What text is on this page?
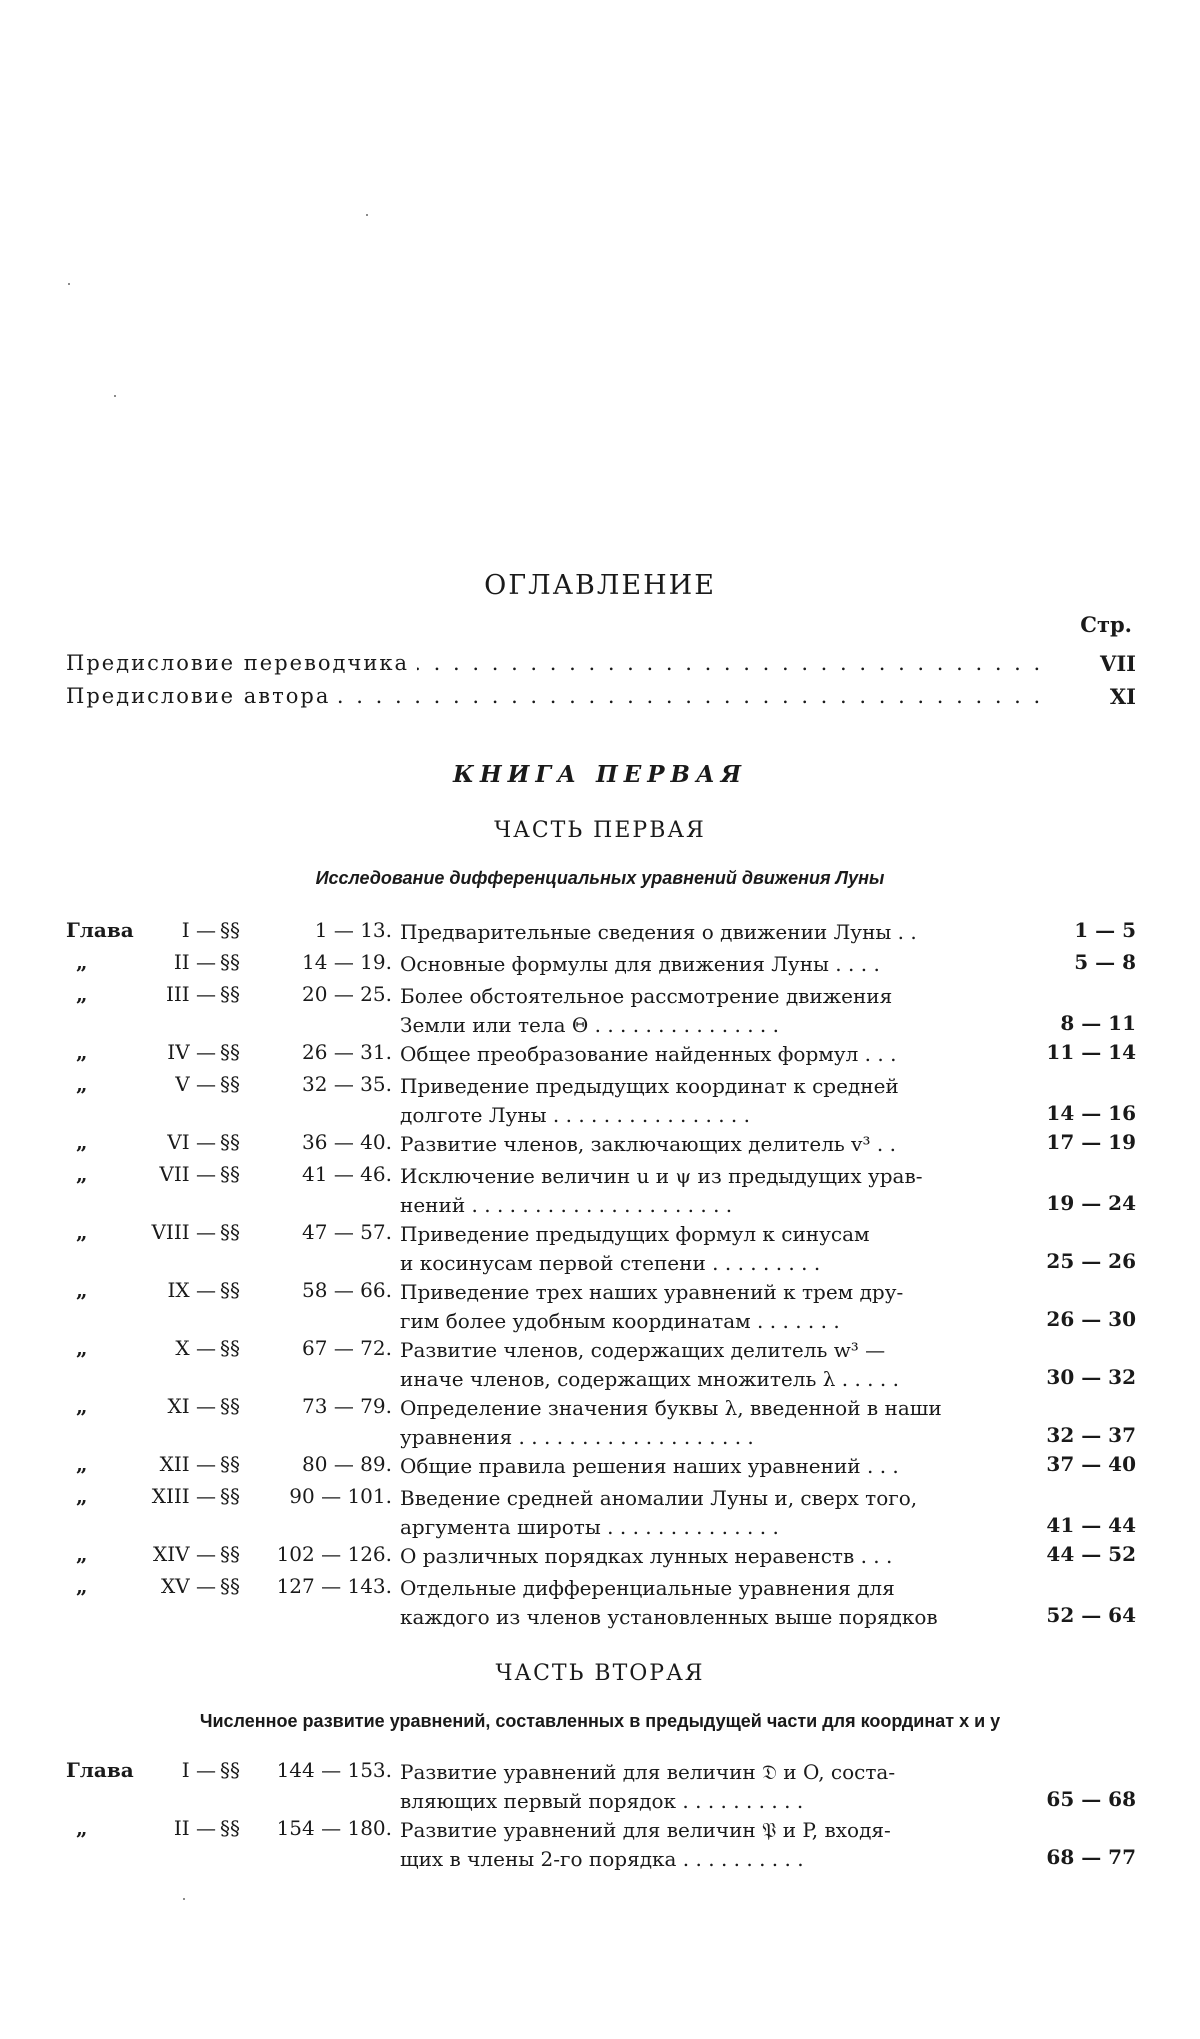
ОГЛАВЛЕНИЕ
Стр.
. . .
Предисловие переводчика	VII
. . .
Предисловие автора	XI
КНИГА ПЕРВАЯ
ЧАСТЬ ПЕРВАЯ
Исследование дифференциальных уравнений движения Луны
Глава	I — §§	1 — 13. Предварительные сведения о движении Луны . .	1 — 5
„	II — §§	14 — 19. Основные формулы для движения Луны . . . .	5 — 8
„	III — §§	20 — 25. Более обстоятельное рассмотрение движения
Земли или тела Θ . . . . . . . . . . . . . . .	8 — 11
„	IV — §§	26 — 31. Общее преобразование найденных формул . . .	11 — 14
„	V — §§	32 — 35. Приведение предыдущих координат к средней
долготе Луны . . . . . . . . . . . . . . . .	14 — 16
„	VI — §§	36 — 40. Развитие членов, заключающих делитель v³ . .	17 — 19
„	VII — §§	41 — 46. Исключение величин u и ψ из предыдущих урав-
нений . . . . . . . . . . . . . . . . . . . . .	19 — 24
„	VIII — §§	47 — 57. Приведение предыдущих формул к синусам
и косинусам первой степени . . . . . . . . .	25 — 26
„	IX — §§	58 — 66. Приведение трех наших уравнений к трем дру-
гим более удобным координатам . . . . . . .	26 — 30
„	X — §§	67 — 72. Развитие членов, содержащих делитель w³ —
иначе членов, содержащих множитель λ . . . . .	30 — 32
„	XI — §§	73 — 79. Определение значения буквы λ, введенной в наши
уравнения . . . . . . . . . . . . . . . . . . .	32 — 37
„	XII — §§	80 — 89. Общие правила решения наших уравнений . . .	37 — 40
„	XIII — §§	90 — 101. Введение средней аномалии Луны и, сверх того,
аргумента широты . . . . . . . . . . . . . .	41 — 44
„	XIV — §§	102 — 126. О различных порядках лунных неравенств . . .	44 — 52
„	XV — §§	127 — 143. Отдельные дифференциальные уравнения для
каждого из членов установленных выше порядков	52 — 64
ЧАСТЬ ВТОРАЯ
Численное развитие уравнений, составленных в предыдущей части для координат x и y
Глава	I — §§	144 — 153. Развитие уравнений для величин 𝔇 и O, соста-
вляющих первый порядок . . . . . . . . . .	65 — 68
„	II — §§	154 — 180. Развитие уравнений для величин 𝔓 и P, входя-
щих в члены 2-го порядка . . . . . . . . . .	68 — 77
